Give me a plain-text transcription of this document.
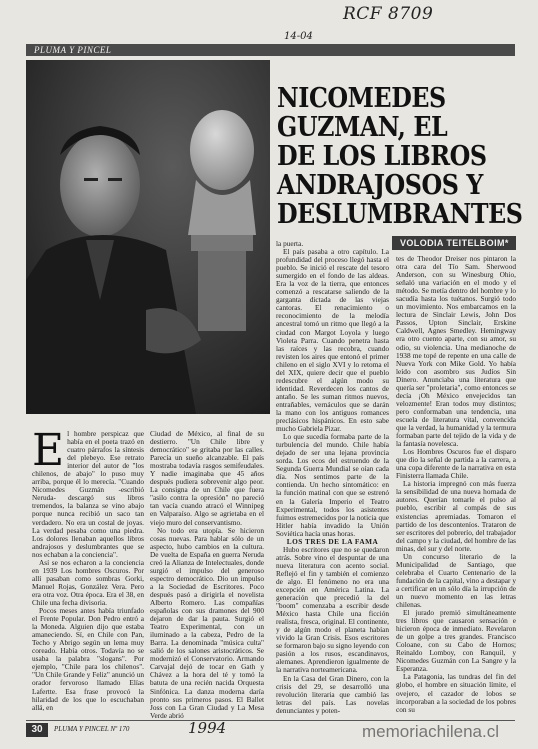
RCF 8709
14-04
PLUMA Y PINCEL
NICOMEDES GUZMAN, EL DE LOS LIBROS ANDRAJOSOS Y DESLUMBRANTES
VOLODIA TEITELBOIM*
E l hombre perspicaz que había en el poeta trazó en cuatro párrafos la síntesis del plebeyo. Ese retrato interior del autor de "los chilenos, de abajo" lo puso muy arriba, porque él lo merecía. "Cuando Nicomedes Guzmán -escribió Neruda- descargó sus libros tremendos, la balanza se vino abajo porque nunca recibió un saco tan verdadero. No era un costal de joyas. La verdad pesaba como una piedra. Los dolores llenaban aquellos libros andrajosos y deslumbrantes que se nos echaban a la conciencia".

Así se nos echaron a la conciencia en 1939 Los hombres Oscuros. Por allí pasaban como sombras Gorki, Manuel Rojas, González Vera. Pero era otra voz. Otra época. Era el 38, en Chile una fecha divisoria.

Pocos meses antes había triunfado el Frente Popular. Don Pedro entró a la Moneda. Alguien dijo que estaba amaneciendo. Sí, en Chile con Pan, Techo y Abrigo según un lema muy coreado. Había otros. Todavía no se usaba la palabra "slogans". Por ejemplo, "Chile para los chilenos". "Un Chile Grande y Feliz" anunció un orador fervoroso llamado Elías Lafertte. Esa frase provocó la hilaridad de los que lo escuchaban allá, en

Ciudad de México, al final de su destierro. "Un Chile libre y democrático" se gritaba por las calles. Parecía un sueño alcanzable. El país mostraba todavía rasgos semifeudales. Y nadie imaginaba que 45 años después pudiera sobrevenir algo peor. La consigna de un Chile que fuera "asilo contra la opresión" no pareció tan vacía cuando atracó el Winnipeg en Valparaíso. Algo se agrietaba en el viejo muro del conservantismo.

No todo era utopía. Se hicieron cosas nuevas. Para hablar sólo de un aspecto, hubo cambios en la cultura. De vuelta de España en guerra Neruda creó la Alianza de Intelectuales, donde surgió el impulso del generoso espectro democrático. Dio un impulso a la Sociedad de Escritores. Poco después pasó a dirigirla el novelista Alberto Romero. Las compañías españolas con sus dramones del 900 dejaron de dar la pauta. Surgió el Teatro Experimental, con un iluminado a la cabeza, Pedro de la Barra. La denominada "música culta" salió de los salones aristocráticos. Se modernizó el Conservatorio. Armando Carvajal dejó de tocar en Gath y Chávez a la hora del té y tomó la batuta de una recién nacida Orquesta Sinfónica. La danza moderna daría pronto sus primeros pasos. El Ballet Joss con La Gran Ciudad y La Mesa Verde abrió

la puerta.

El país pasaba a otro capítulo. La profundidad del proceso llegó hasta el pueblo. Se inició el rescate del tesoro sumergido en el fondo de las aldeas. Era la voz de la tierra, que entonces comenzó a rescatarse saliendo de la garganta dictada de las viejas cantoras. El renacimiento o reconocimiento de la melodía ancestral tomó un ritmo que llegó a la ciudad con Margot Loyola y luego Violeta Parra. Cuando penetra hasta las raíces y las recobra, cuando revisten los aires que entonó el primer chileno en el siglo XVI y lo retoma el del XIX, quiere decir que el pueblo redescubre el algún modo su identidad. Reverdecen los cantos de antaño. Se les suman ritmos nuevos, entrañables, vernáculos que se darán la mano con los antiguos romances preclásicos hispánicos. En esto sabe mucho Gabriela Pizar.

Lo que sucedía formaba parte de la turbulencia del mundo. Chile había dejado de ser una lejana provincia sorda. Los ecos del estruendo de la Segunda Guerra Mundial se oían cada día. Nos sentimos parte de la contienda. Un hecho sintomático: en la función matinal con que se estrenó en la Galería Imperio el Teatro Experimental, todos los asistentes fuimos estremecidos por la noticia que Hitler había invadido la Unión Soviética hacía unas horas.

LOS TRES DE LA FAMA

Hubo escritores que no se quedaron atrás. Sobre vino el despuntar de una nueva literatura con acento social. Reflejó el fin y también el comienzo de algo. El fenómeno no era una excepción en América Latina. La generación que precedió la del "boom" comenzaba a escribir desde México hasta Chile una ficción realista, fresca, original. El continente, y de algún modo el planeta habían vivido la Gran Crisis. Esos escritores se formaron bajo su signo leyendo con pasión a los rusos, escandinavos, alemanes. Aprendieron igualmente de la narrativa norteamericana.

En la Casa del Gran Dinero, con la crisis del 29, se desarrolló una revolución literaria que cambió las letras del país. Las novelas denunciantes y poten-

tes de Theodor Dreiser nos pintaron la otra cara del Tío Sam. Sherwood Anderson, con su Winesburg Ohio, señaló una variación en el modo y el método. Se metía dentro del hombre y lo sacudía hasta los tuétanos. Surgió todo un movimiento. Nos embarcamos en la lectura de Sinclair Lewis, John Dos Passos, Upton Sinclair, Erskine Caldwell, Agnes Smedley. Hemingway era otro cuento aparte, con su amor, su odio, su violencia. Una medianoche de 1938 me topé de repente en una calle de Nueva York con Mike Gold. Yo había leído con asombro sus Judíos Sin Dinero. Anunciaba una literatura que quería ser "proletaria", como entonces se decía ¡Oh México envejecidos tan velozmente! Eran todos muy distintos; pero conformaban una tendencia, una escuela de literatura vital, convencida que la verdad, la humanidad y la termura formaban parte del tejido de la vida y de la fantasía novelesca.

Los Hombres Oscuros fue el disparo que dio la señal de partida a la carrera, a una copa diferente de la narrativa en esta Finisterra llamada Chile.

La historia impregnó con más fuerza la sensibilidad de una nueva hornada de autores. Querían tomarle el pulso al pueblo, escribir al compás de sus existencias apremiadas. Tomaron el partido de los desconteníos. Trataron de ser escritores del pobrerío, del trabajador del campo y la ciudad, del hombre de las minas, del sur y del norte.

Un concurso literario de la Municipalidad de Santiago, que celebraba el Cuarto Centenario de la fundación de la capital, vino a destapar y a certificar en un sólo día la irrupción de un nuevo momento en las letras chilenas.

El jurado premió simultáneamente tres libros que causaron sensación e hicieron época de inmediato. Revelaron de un golpe a tres grandes. Francisco Coloane, con su Cabo de Hornos; Reinaldo Lomboy, con Ranquil, y Nicomedes Guzmán con La Sangre y la Esperanza.

La Patagonia, las tundras del fin del globo, el hombre en situación límite, el ovejero, el cazador de lobos se incorporaban a la sociedad de los pobres con su

30	PLUMA Y PINCEL Nº 170	1994	memoriachilena.cl
